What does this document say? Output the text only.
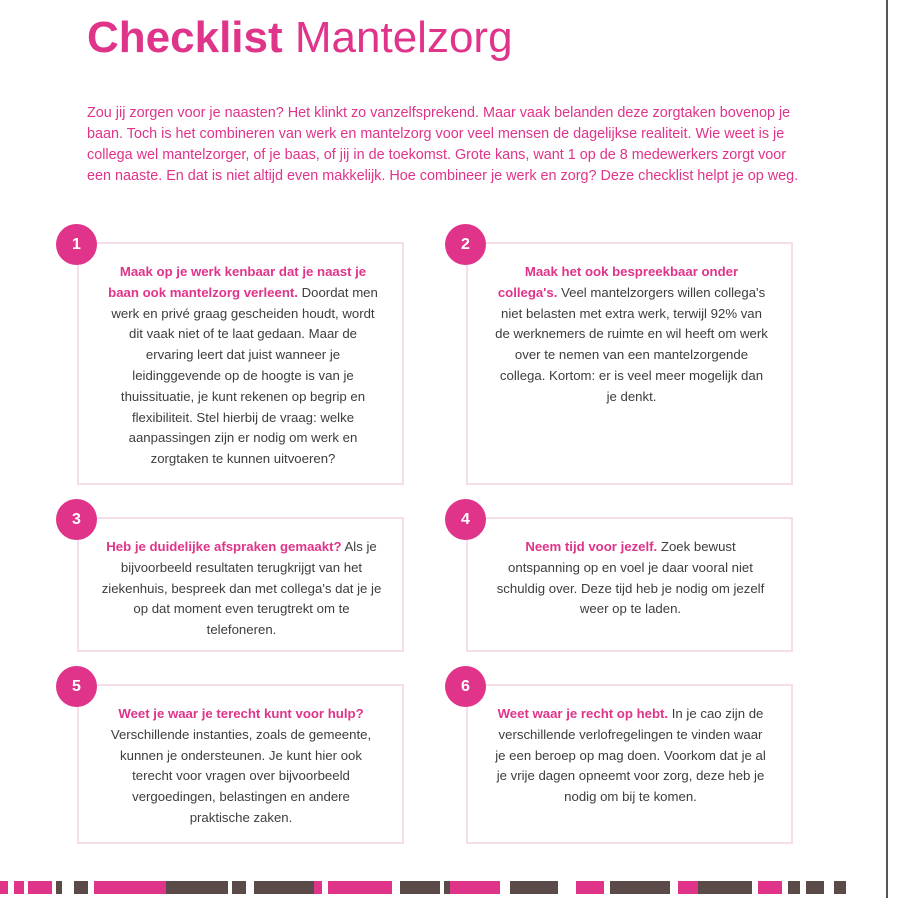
Checklist Mantelzorg

Zou jij zorgen voor je naasten? Het klinkt zo vanzelfsprekend. Maar vaak belanden deze zorgtaken bovenop je baan. Toch is het combineren van werk en mantelzorg voor veel mensen de dagelijkse realiteit. Wie weet is je collega wel mantelzorger, of je baas, of jij in de toekomst. Grote kans, want 1 op de 8 medewerkers zorgt voor een naaste. En dat is niet altijd even makkelijk. Hoe combineer je werk en zorg? Deze checklist helpt je op weg.

Maak op je werk kenbaar dat je naast je baan ook mantelzorg verleent. Doordat men werk en privé graag gescheiden houdt, wordt dit vaak niet of te laat gedaan. Maar de ervaring leert dat juist wanneer je leidinggevende op de hoogte is van je thuissituatie, je kunt rekenen op begrip en flexibiliteit. Stel hierbij de vraag: welke aanpassingen zijn er nodig om werk en zorgtaken te kunnen uitvoeren?

1

Maak het ook bespreekbaar onder collega's. Veel mantelzorgers willen collega's niet belasten met extra werk, terwijl 92% van de werknemers de ruimte en wil heeft om werk over te nemen van een mantelzorgende collega. Kortom: er is veel meer mogelijk dan je denkt.

2

Heb je duidelijke afspraken gemaakt? Als je bijvoorbeeld resultaten terugkrijgt van het ziekenhuis, bespreek dan met collega's dat je je op dat moment even terugtrekt om te telefoneren.

3

Neem tijd voor jezelf. Zoek bewust ontspanning op en voel je daar vooral niet schuldig over. Deze tijd heb je nodig om jezelf weer op te laden.

4

Weet je waar je terecht kunt voor hulp? Verschillende instanties, zoals de gemeente, kunnen je ondersteunen. Je kunt hier ook terecht voor vragen over bijvoorbeeld vergoedingen, belastingen en andere praktische zaken.

5

Weet waar je recht op hebt. In je cao zijn de verschillende verlofregelingen te vinden waar je een beroep op mag doen. Voorkom dat je al je vrije dagen opneemt voor zorg, deze heb je nodig om bij te komen.

6
